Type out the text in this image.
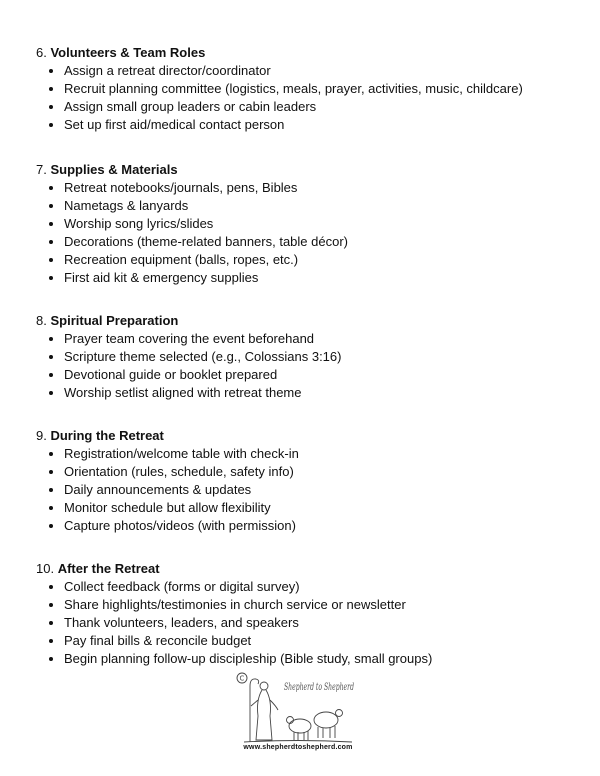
6. Volunteers & Team Roles

• Assign a retreat director/coordinator
• Recruit planning committee (logistics, meals, prayer, activities, music, childcare)
• Assign small group leaders or cabin leaders
• Set up first aid/medical contact person

7. Supplies & Materials

• Retreat notebooks/journals, pens, Bibles
• Nametags & lanyards
• Worship song lyrics/slides
• Decorations (theme-related banners, table décor)
• Recreation equipment (balls, ropes, etc.)
• First aid kit & emergency supplies

8. Spiritual Preparation

• Prayer team covering the event beforehand
• Scripture theme selected (e.g., Colossians 3:16)
• Devotional guide or booklet prepared
• Worship setlist aligned with retreat theme

9. During the Retreat

• Registration/welcome table with check-in
• Orientation (rules, schedule, safety info)
• Daily announcements & updates
• Monitor schedule but allow flexibility
• Capture photos/videos (with permission)

10. After the Retreat

• Collect feedback (forms or digital survey)
• Share highlights/testimonies in church service or newsletter
• Thank volunteers, leaders, and speakers
• Pay final bills & reconcile budget
• Begin planning follow-up discipleship (Bible study, small groups)
C
Shepherd to Shepherd
www.shepherdtoshepherd.com
